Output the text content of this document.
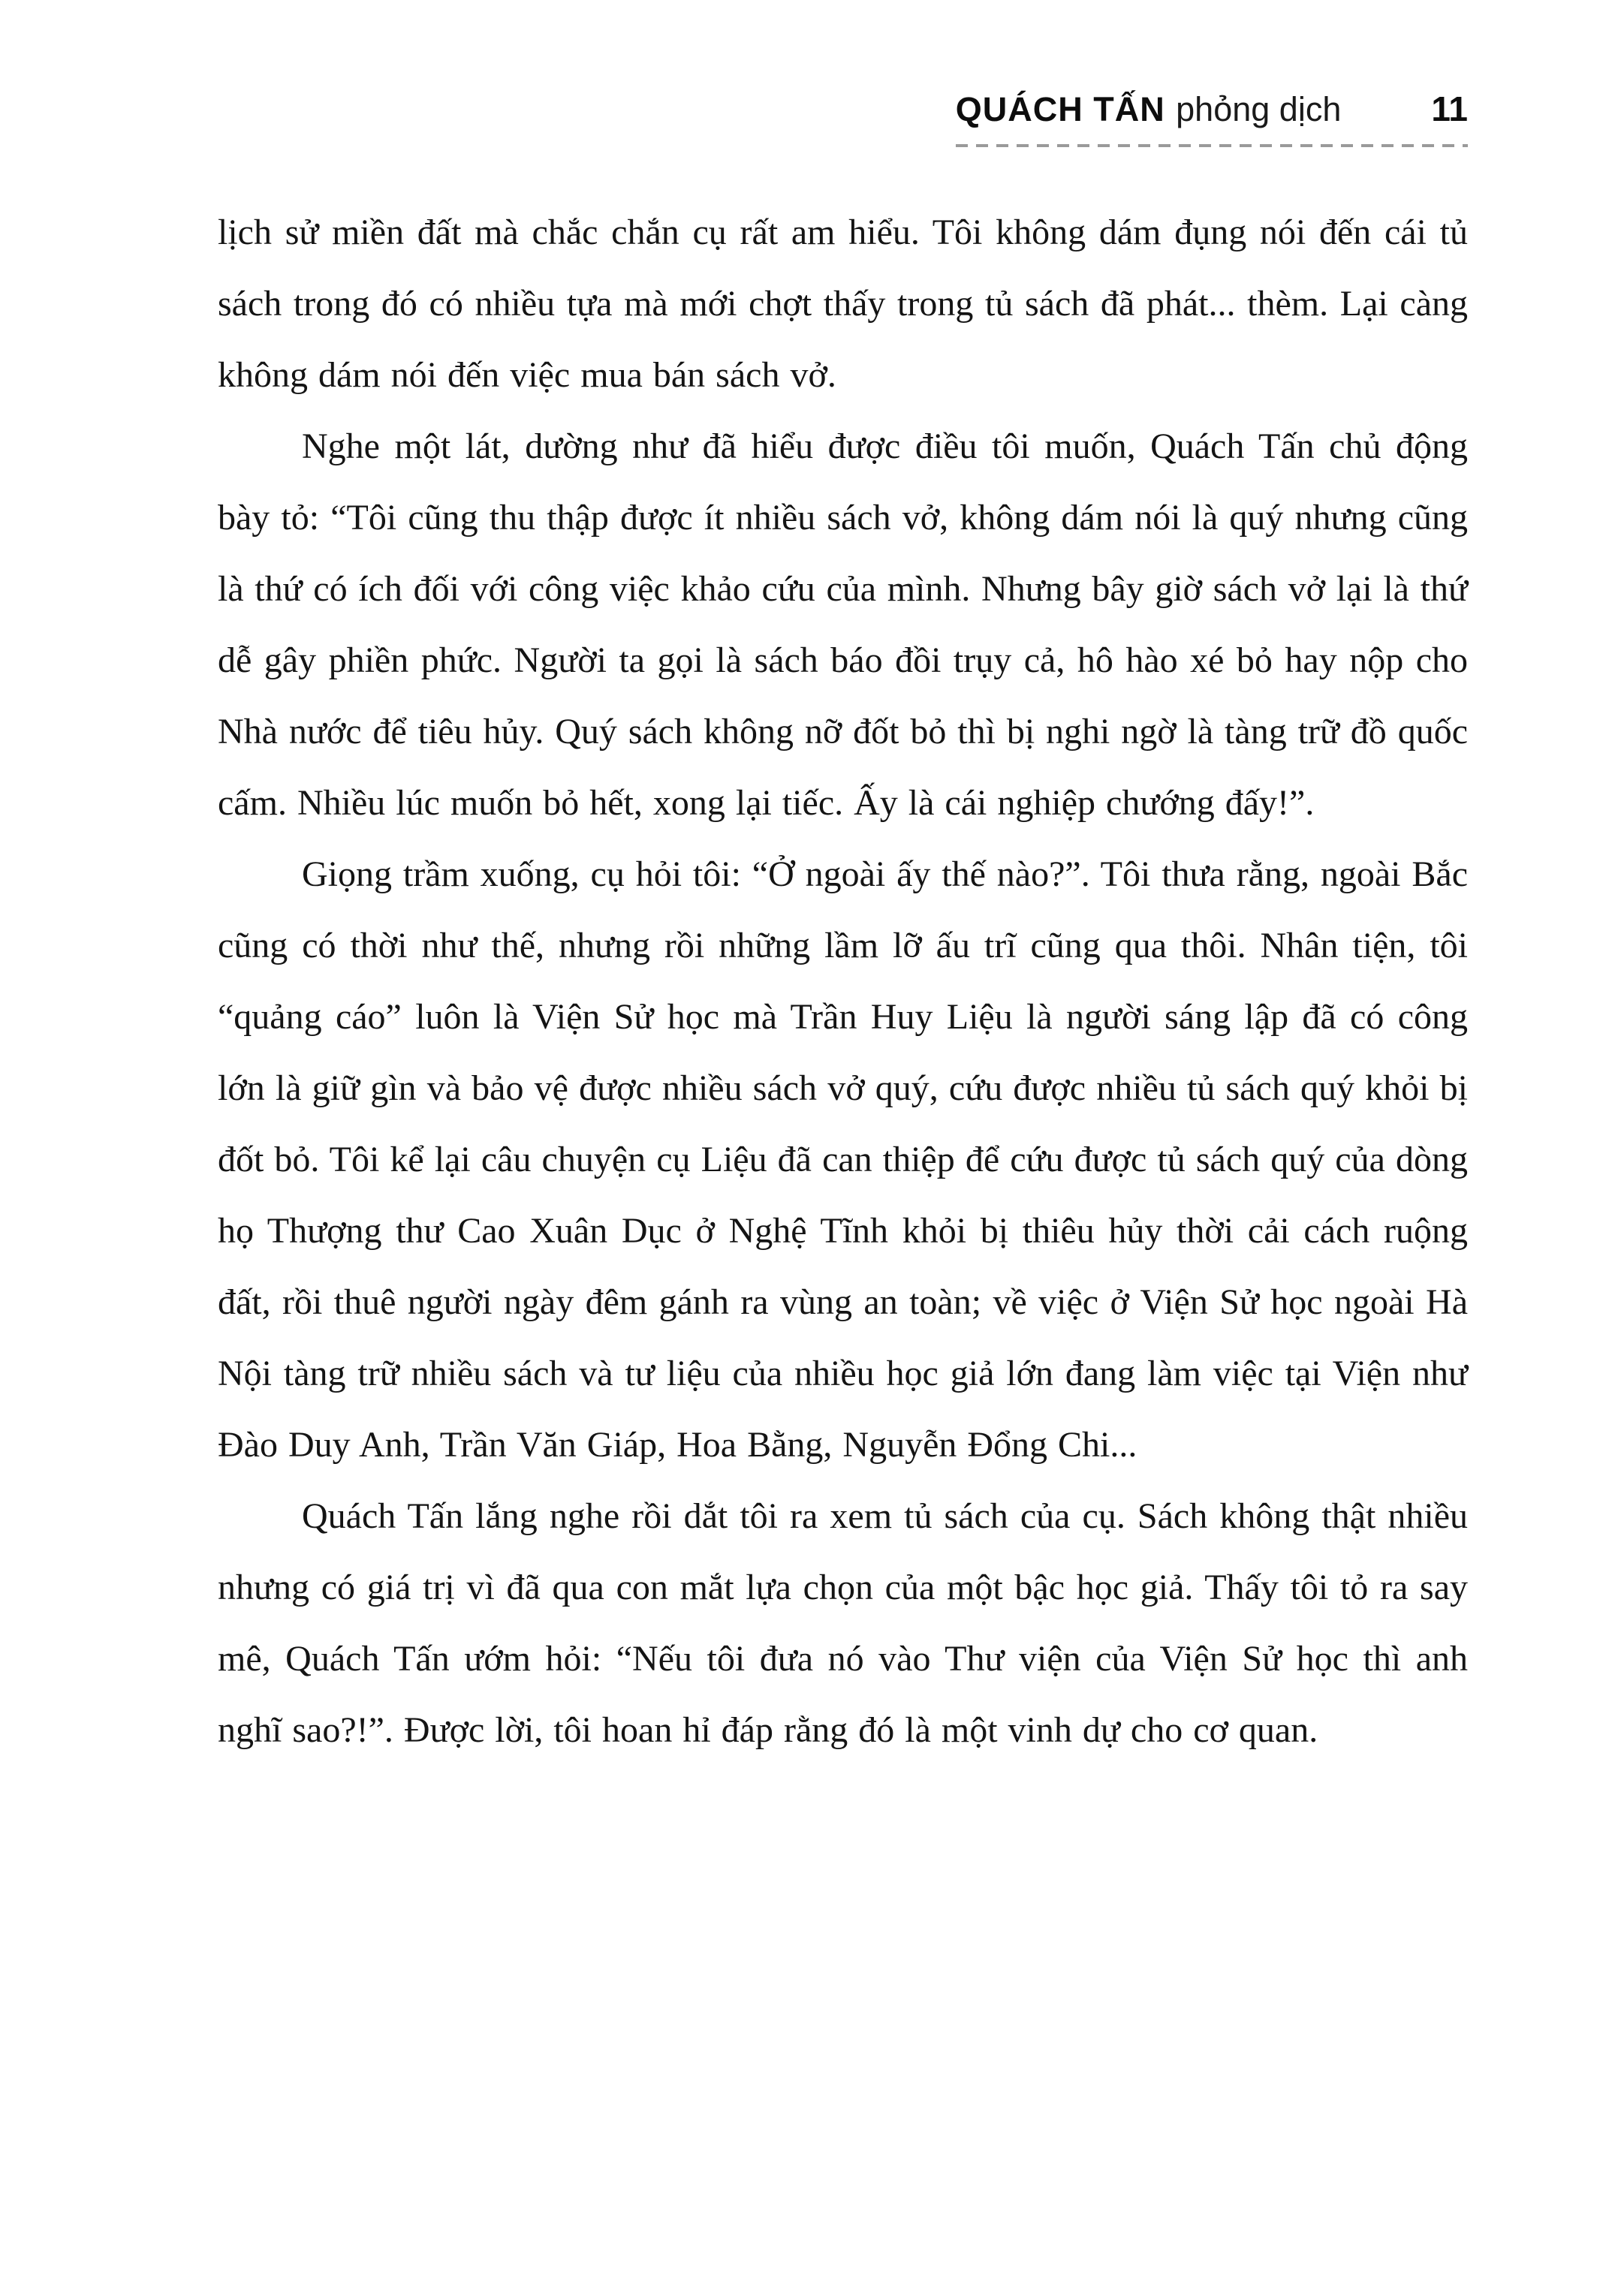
QUÁCH TẤN phỏng dịch	11

lịch sử miền đất mà chắc chắn cụ rất am hiểu. Tôi không dám đụng nói đến cái tủ sách trong đó có nhiều tựa mà mới chợt thấy trong tủ sách đã phát... thèm. Lại càng không dám nói đến việc mua bán sách vở.

Nghe một lát, dường như đã hiểu được điều tôi muốn, Quách Tấn chủ động bày tỏ: “Tôi cũng thu thập được ít nhiều sách vở, không dám nói là quý nhưng cũng là thứ có ích đối với công việc khảo cứu của mình. Nhưng bây giờ sách vở lại là thứ dễ gây phiền phức. Người ta gọi là sách báo đồi trụy cả, hô hào xé bỏ hay nộp cho Nhà nước để tiêu hủy. Quý sách không nỡ đốt bỏ thì bị nghi ngờ là tàng trữ đồ quốc cấm. Nhiều lúc muốn bỏ hết, xong lại tiếc. Ấy là cái nghiệp chướng đấy!”.

Giọng trầm xuống, cụ hỏi tôi: “Ở ngoài ấy thế nào?”. Tôi thưa rằng, ngoài Bắc cũng có thời như thế, nhưng rồi những lầm lỡ ấu trĩ cũng qua thôi. Nhân tiện, tôi “quảng cáo” luôn là Viện Sử học mà Trần Huy Liệu là người sáng lập đã có công lớn là giữ gìn và bảo vệ được nhiều sách vở quý, cứu được nhiều tủ sách quý khỏi bị đốt bỏ. Tôi kể lại câu chuyện cụ Liệu đã can thiệp để cứu được tủ sách quý của dòng họ Thượng thư Cao Xuân Dục ở Nghệ Tĩnh khỏi bị thiêu hủy thời cải cách ruộng đất, rồi thuê người ngày đêm gánh ra vùng an toàn; về việc ở Viện Sử học ngoài Hà Nội tàng trữ nhiều sách và tư liệu của nhiều học giả lớn đang làm việc tại Viện như Đào Duy Anh, Trần Văn Giáp, Hoa Bằng, Nguyễn Đổng Chi...

Quách Tấn lắng nghe rồi dắt tôi ra xem tủ sách của cụ. Sách không thật nhiều nhưng có giá trị vì đã qua con mắt lựa chọn của một bậc học giả. Thấy tôi tỏ ra say mê, Quách Tấn ướm hỏi: “Nếu tôi đưa nó vào Thư viện của Viện Sử học thì anh nghĩ sao?!”. Được lời, tôi hoan hỉ đáp rằng đó là một vinh dự cho cơ quan.
